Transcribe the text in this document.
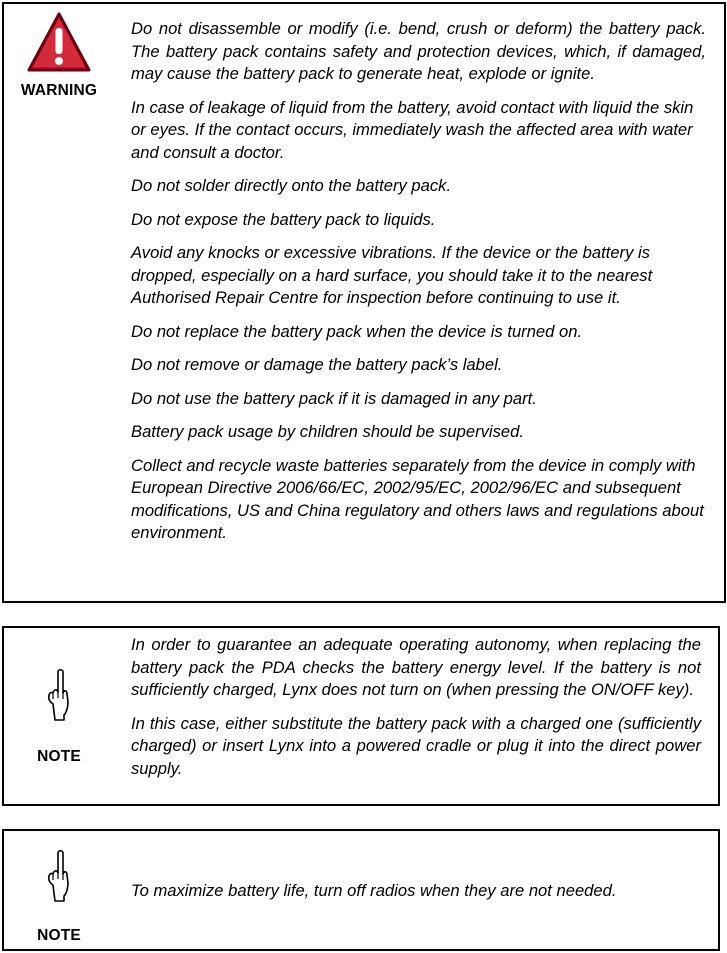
WARNING

Do not disassemble or modify (i.e. bend, crush or deform) the battery pack. The battery pack contains safety and protection devices, which, if damaged, may cause the battery pack to generate heat, explode or ignite.

In case of leakage of liquid from the battery, avoid contact with liquid the skin or eyes. If the contact occurs, immediately wash the affected area with water and consult a doctor.

Do not solder directly onto the battery pack.

Do not expose the battery pack to liquids.

Avoid any knocks or excessive vibrations. If the device or the battery is dropped, especially on a hard surface, you should take it to the nearest Authorised Repair Centre for inspection before continuing to use it.

Do not replace the battery pack when the device is turned on.

Do not remove or damage the battery pack’s label.

Do not use the battery pack if it is damaged in any part.

Battery pack usage by children should be supervised.

Collect and recycle waste batteries separately from the device in comply with European Directive 2006/66/EC, 2002/95/EC, 2002/96/EC and subsequent modifications, US and China regulatory and others laws and regulations about environment.

NOTE

In order to guarantee an adequate operating autonomy, when replacing the battery pack the PDA checks the battery energy level. If the battery is not sufficiently charged, Lynx does not turn on (when pressing the ON/OFF key).

In this case, either substitute the battery pack with a charged one (sufficiently charged) or insert Lynx into a powered cradle or plug it into the direct power supply.

NOTE

To maximize battery life, turn off radios when they are not needed.
